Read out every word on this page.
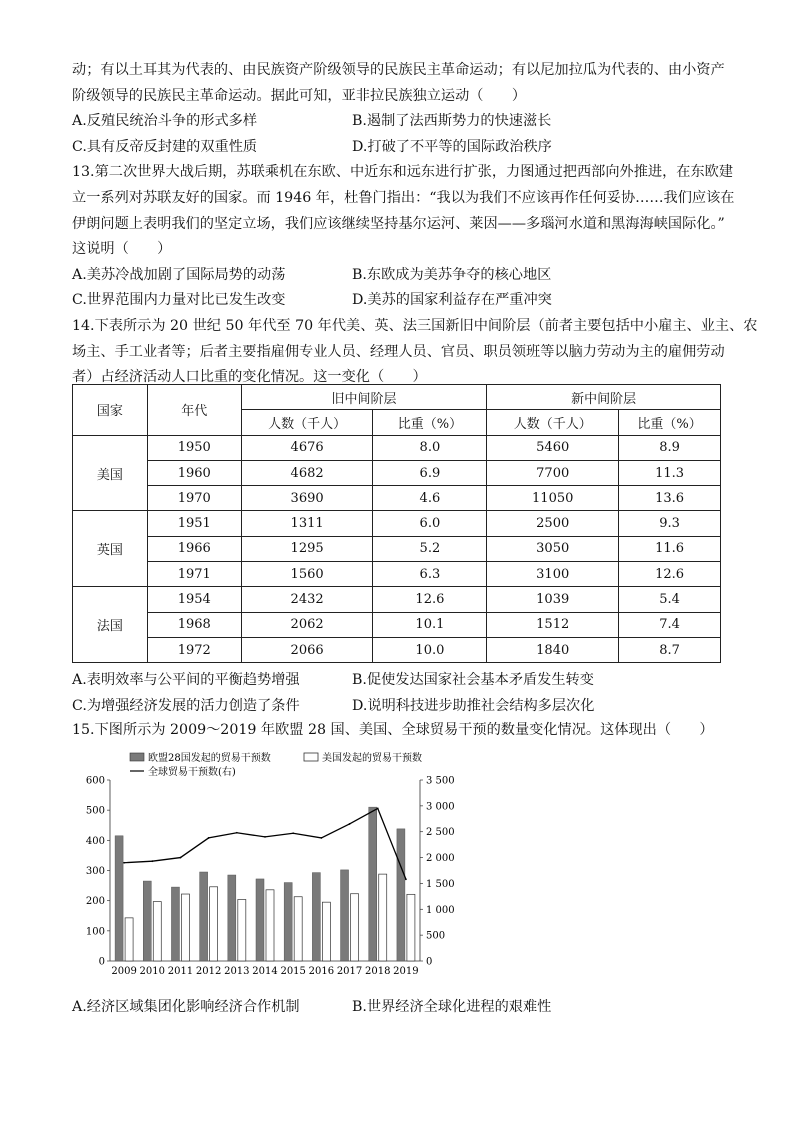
动；有以土耳其为代表的、由民族资产阶级领导的民族民主革命运动；有以尼加拉瓜为代表的、由小资产
阶级领导的民族民主革命运动。据此可知，亚非拉民族独立运动（　　）
A.反殖民统治斗争的形式多样	B.遏制了法西斯势力的快速滋长
C.具有反帝反封建的双重性质	D.打破了不平等的国际政治秩序
13.第二次世界大战后期，苏联乘机在东欧、中近东和远东进行扩张，力图通过把西部向外推进，在东欧建
立一系列对苏联友好的国家。而 1946 年，杜鲁门指出：“我以为我们不应该再作任何妥协……我们应该在
伊朗问题上表明我们的坚定立场，我们应该继续坚持基尔运河、莱因——多瑙河水道和黑海海峡国际化。”
这说明（　　）
A.美苏冷战加剧了国际局势的动荡	B.东欧成为美苏争夺的核心地区
C.世界范围内力量对比已发生改变	D.美苏的国家利益存在严重冲突
14.下表所示为 20 世纪 50 年代至 70 年代美、英、法三国新旧中间阶层（前者主要包括中小雇主、业主、农
场主、手工业者等；后者主要指雇佣专业人员、经理人员、官员、职员领班等以脑力劳动为主的雇佣劳动
者）占经济活动人口比重的变化情况。这一变化（　　）
国家	年代	旧中间阶层		新中间阶层	
		人数（千人）	比重（%）	人数（千人）	比重（%）
美国	1950	4676	8.0	5460	8.9
	1960	4682	6.9	7700	11.3
	1970	3690	4.6	11050	13.6
英国	1951	1311	6.0	2500	9.3
	1966	1295	5.2	3050	11.6
	1971	1560	6.3	3100	12.6
法国	1954	2432	12.6	1039	5.4
	1968	2062	10.1	1512	7.4
	1972	2066	10.0	1840	8.7
A.表明效率与公平间的平衡趋势增强	B.促使发达国家社会基本矛盾发生转变
C.为增强经济发展的活力创造了条件	D.说明科技进步助推社会结构多层次化
15.下图所示为 2009～2019 年欧盟 28 国、美国、全球贸易干预的数量变化情况。这体现出（　　）
欧盟28国发起的贸易干预数	美国发起的贸易干预数
全球贸易干预数(右)
0
100
200
300
400
500
600
0
500
1 000
1 500
2 000
2 500
3 000
3 500
2009 2010 2011 2012 2013 2014 2015 2016 2017 2018 2019
A.经济区域集团化影响经济合作机制	B.世界经济全球化进程的艰难性
